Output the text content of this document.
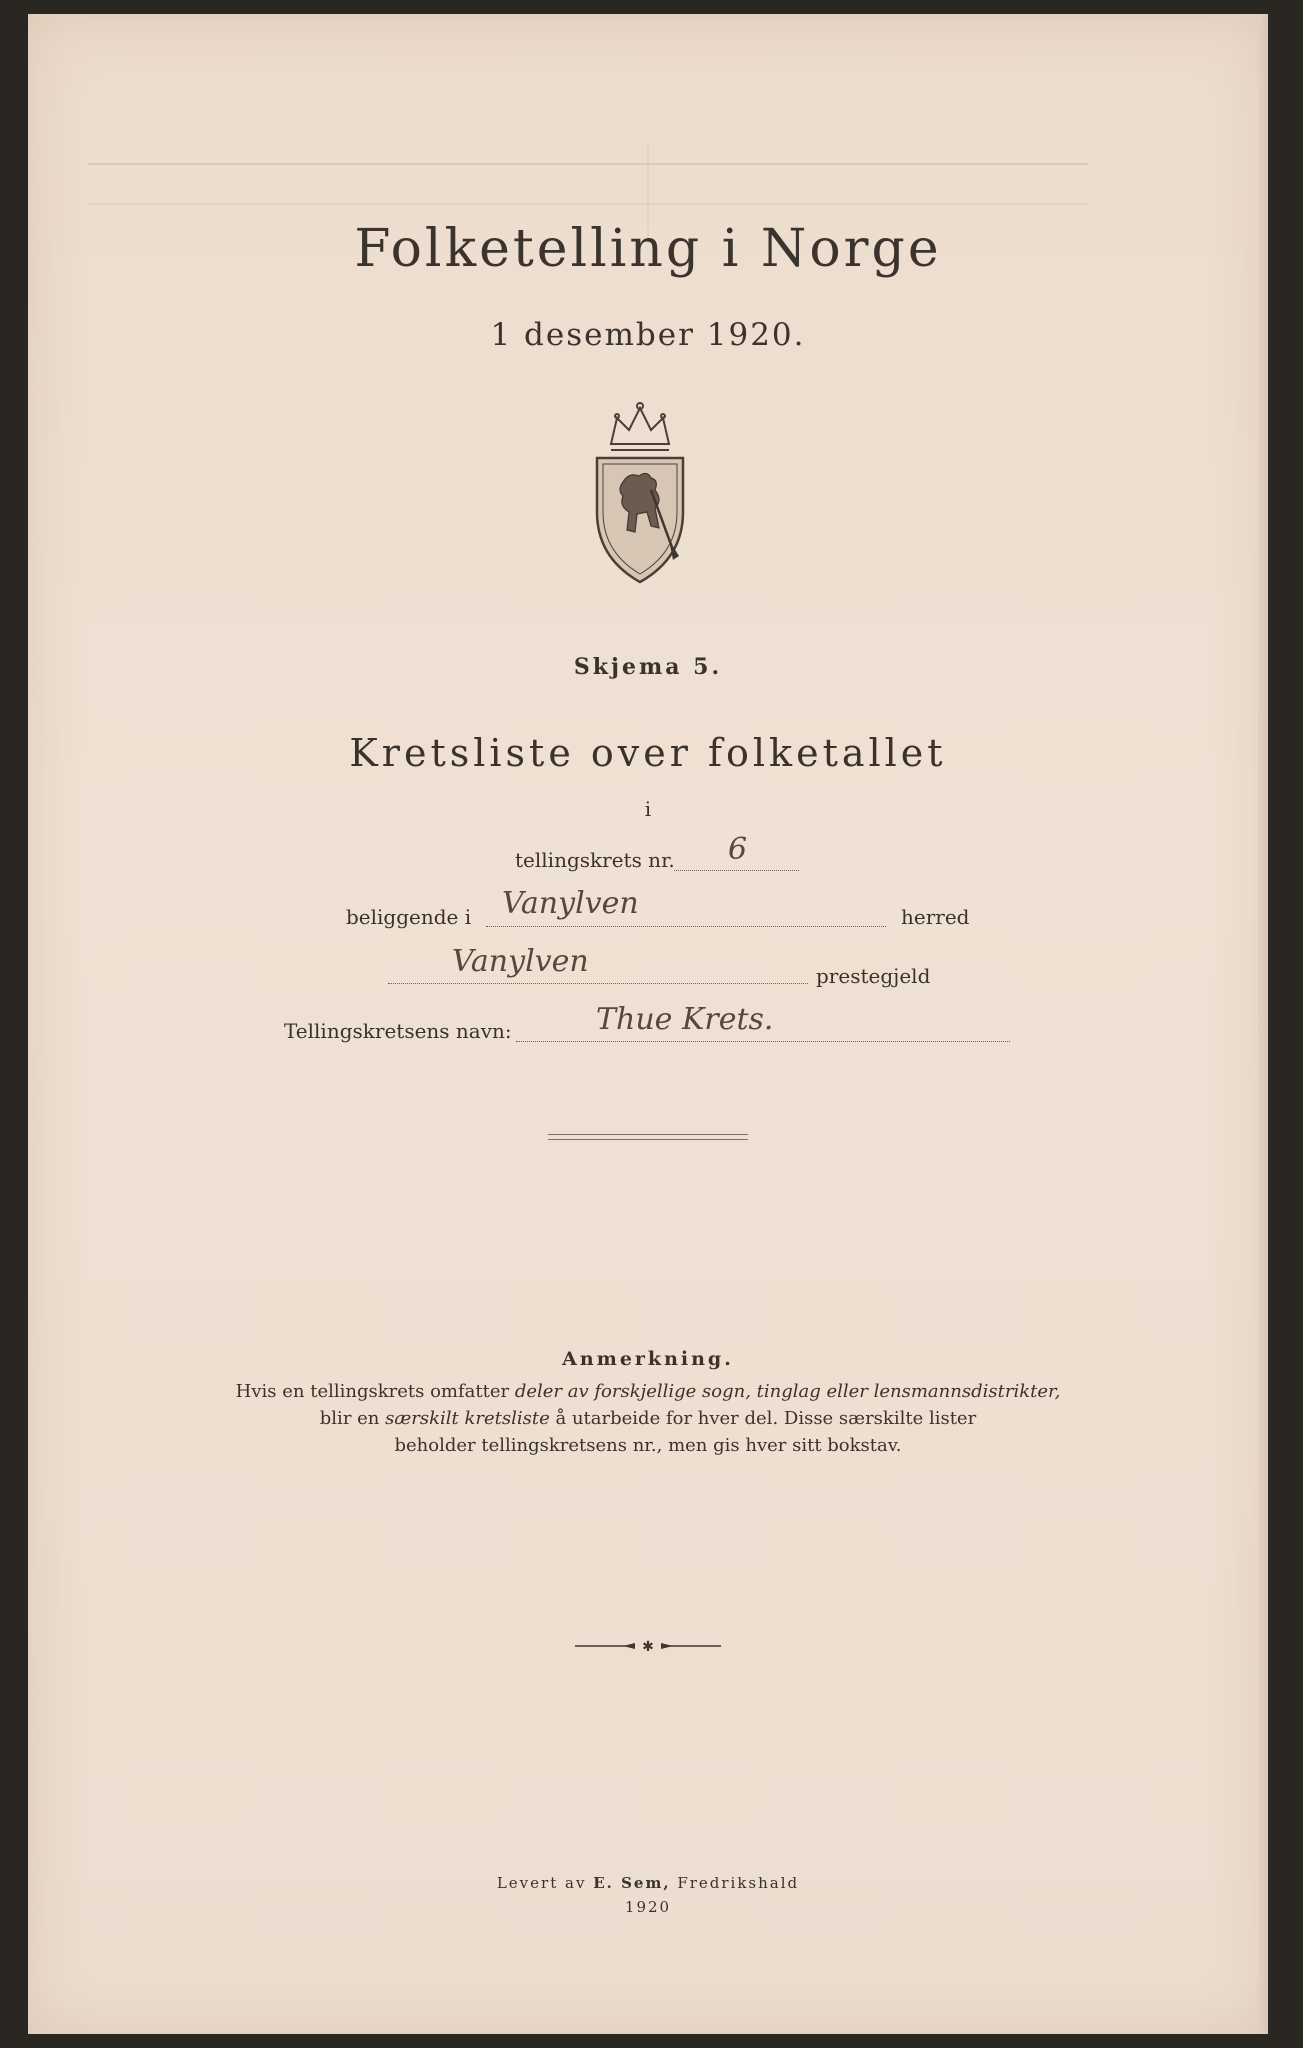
Folketelling i Norge
1 desember 1920.
Skjema 5.
Kretsliste over folketallet
i
tellingskrets nr. 6
beliggende i Vanylven	herred
Vanylven	prestegjeld
Tellingskretsens navn:	Thue Krets.
Anmerkning.
Hvis en tellingskrets omfatter deler av forskjellige sogn, tinglag eller lensmannsdistrikter,
blir en særskilt kretsliste å utarbeide for hver del. Disse særskilte lister
beholder tellingskretsens nr., men gis hver sitt bokstav.
✱
Levert av E. Sem, Fredrikshald
1920
